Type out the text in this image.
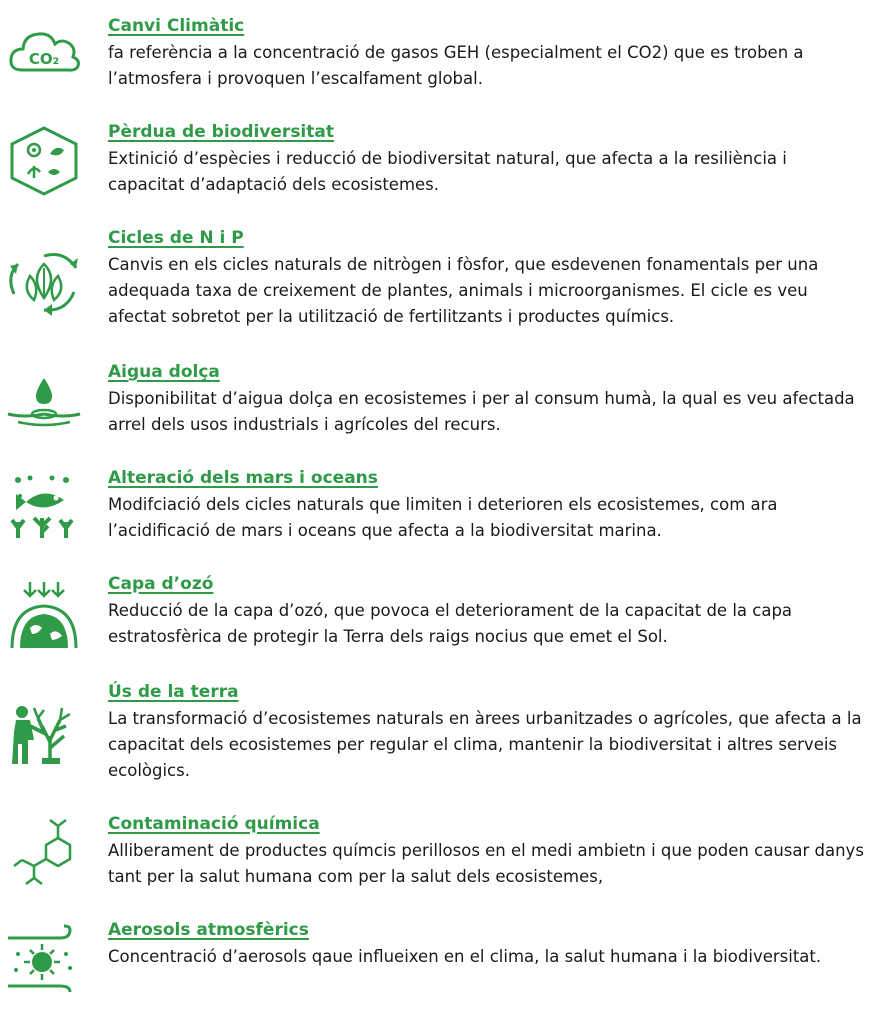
CO₂

Canvi Climàtic

fa referència a la concentració de gasos GEH (especialment el CO2) que es troben a l’atmosfera i provoquen l’escalfament global.

Pèrdua de biodiversitat

Extinició d’espècies i reducció de biodiversitat natural, que afecta a la resiliència i capacitat d’adaptació dels ecosistemes.

Cicles de N i P

Canvis en els cicles naturals de nitrògen i fòsfor, que esdevenen fonamentals per una adequada taxa de creixement de plantes, animals i microorganismes. El cicle es veu afectat sobretot per la utilització de fertilitzants i productes químics.

Aigua dolça

Disponibilitat d’aigua dolça en ecosistemes i per al consum humà, la qual es veu afectada arrel dels usos industrials i agrícoles del recurs.

Alteració dels mars i oceans

Modifciació dels cicles naturals que limiten i deterioren els ecosistemes, com ara l’acidificació de mars i oceans que afecta a la biodiversitat marina.

Capa d’ozó

Reducció de la capa d’ozó, que povoca el deteriorament de la capacitat de la capa estratosfèrica de protegir la Terra dels raigs nocius que emet el Sol.

Ús de la terra

La transformació d’ecosistemes naturals en àrees urbanitzades o agrícoles, que afecta a la capacitat dels ecosistemes per regular el clima, mantenir la biodiversitat i altres serveis ecològics.

Contaminació química

Alliberament de productes químcis perillosos en el medi ambietn i que poden causar danys tant per la salut humana com per la salut dels ecosistemes,

Aerosols atmosfèrics

Concentració d’aerosols qaue influeixen en el clima, la salut humana i la biodiversitat.
